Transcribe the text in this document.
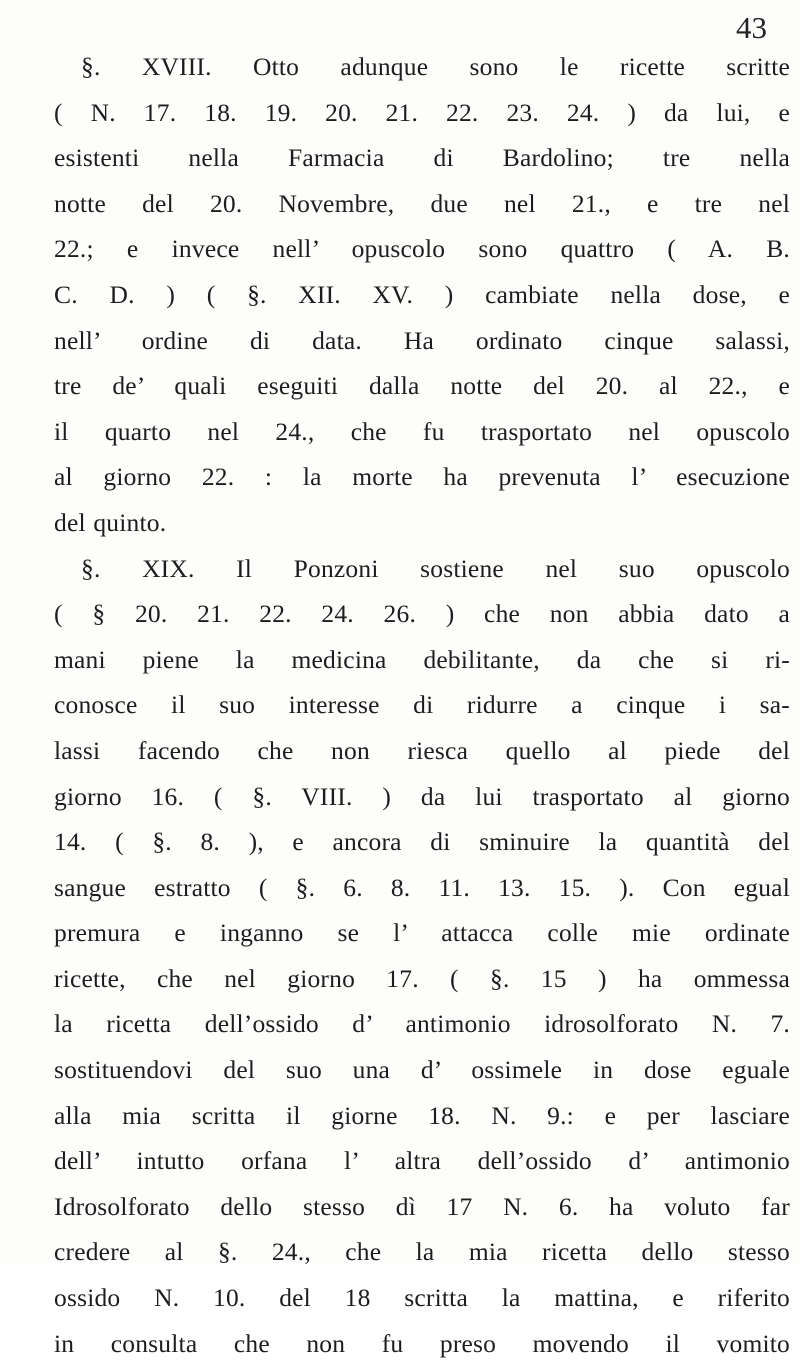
43
§. XVIII. Otto adunque sono le ricette scritte
( N. 17. 18. 19. 20. 21. 22. 23. 24. ) da lui, e
esistenti nella Farmacia di Bardolino; tre nella
notte del 20. Novembre, due nel 21., e tre nel
22.; e invece nell’ opuscolo sono quattro ( A. B.
C. D. ) ( §. XII. XV. ) cambiate nella dose, e
nell’ ordine di data. Ha ordinato cinque salassi,
tre de’ quali eseguiti dalla notte del 20. al 22., e
il quarto nel 24., che fu trasportato nel opuscolo
al giorno 22. : la morte ha prevenuta l’ esecuzione
del quinto.
§. XIX. Il Ponzoni sostiene nel suo opuscolo
( § 20. 21. 22. 24. 26. ) che non abbia dato a
mani piene la medicina debilitante, da che si ri-
conosce il suo interesse di ridurre a cinque i sa-
lassi facendo che non riesca quello al piede del
giorno 16. ( §. VIII. ) da lui trasportato al giorno
14. ( §. 8. ), e ancora di sminuire la quantità del
sangue estratto ( §. 6. 8. 11. 13. 15. ). Con egual
premura e inganno se l’ attacca colle mie ordinate
ricette, che nel giorno 17. ( §. 15 ) ha ommessa
la ricetta dell’ossido d’ antimonio idrosolforato N. 7.
sostituendovi del suo una d’ ossimele in dose eguale
alla mia scritta il giorne 18. N. 9.: e per lasciare
dell’ intutto orfana l’ altra dell’ossido d’ antimonio
Idrosolforato dello stesso dì 17 N. 6. ha voluto far
credere al §. 24., che la mia ricetta dello stesso
ossido N. 10. del 18 scritta la mattina, e riferito
in consulta che non fu preso movendo il vomito
